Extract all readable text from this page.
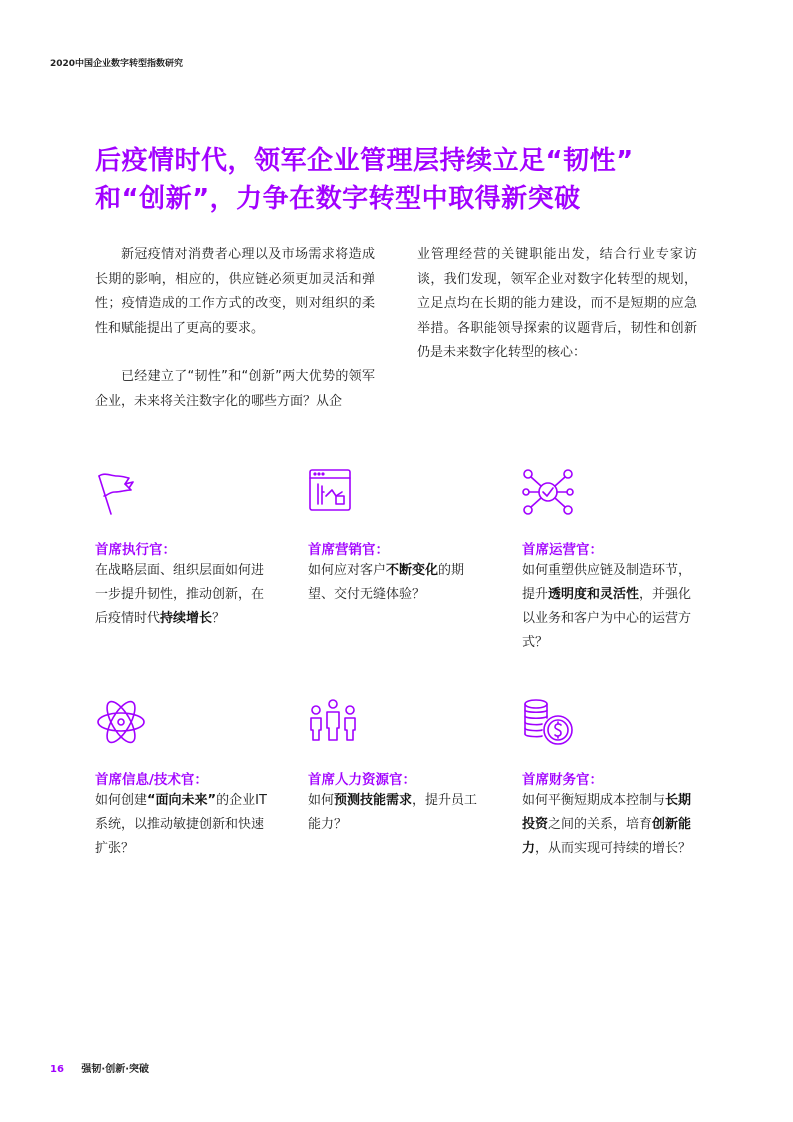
2020中国企业数字转型指数研究
后疫情时代，领军企业管理层持续立足“韧性”
和“创新”，力争在数字转型中取得新突破

新冠疫情对消费者心理以及市场需求将造成长期的影响，相应的，供应链必须更加灵活和弹性；疫情造成的工作方式的改变，则对组织的柔性和赋能提出了更高的要求。

已经建立了“韧性”和“创新”两大优势的领军企业，未来将关注数字化的哪些方面？从企

业管理经营的关键职能出发，结合行业专家访谈，我们发现，领军企业对数字化转型的规划，立足点均在长期的能力建设，而不是短期的应急举措。各职能领导探索的议题背后，韧性和创新仍是未来数字化转型的核心：

首席执行官：
在战略层面、组织层面如何进一步提升韧性，推动创新，在后疫情时代持续增长？
首席营销官：
如何应对客户不断变化的期望、交付无缝体验？
首席运营官：
如何重塑供应链及制造环节，提升透明度和灵活性，并强化以业务和客户为中心的运营方式？
首席信息/技术官：
如何创建“面向未来”的企业IT系统，以推动敏捷创新和快速扩张？
首席人力资源官：
如何预测技能需求，提升员工能力？
首席财务官：
如何平衡短期成本控制与长期投资之间的关系，培育创新能力，从而实现可持续的增长？
16 强韧·创新·突破
